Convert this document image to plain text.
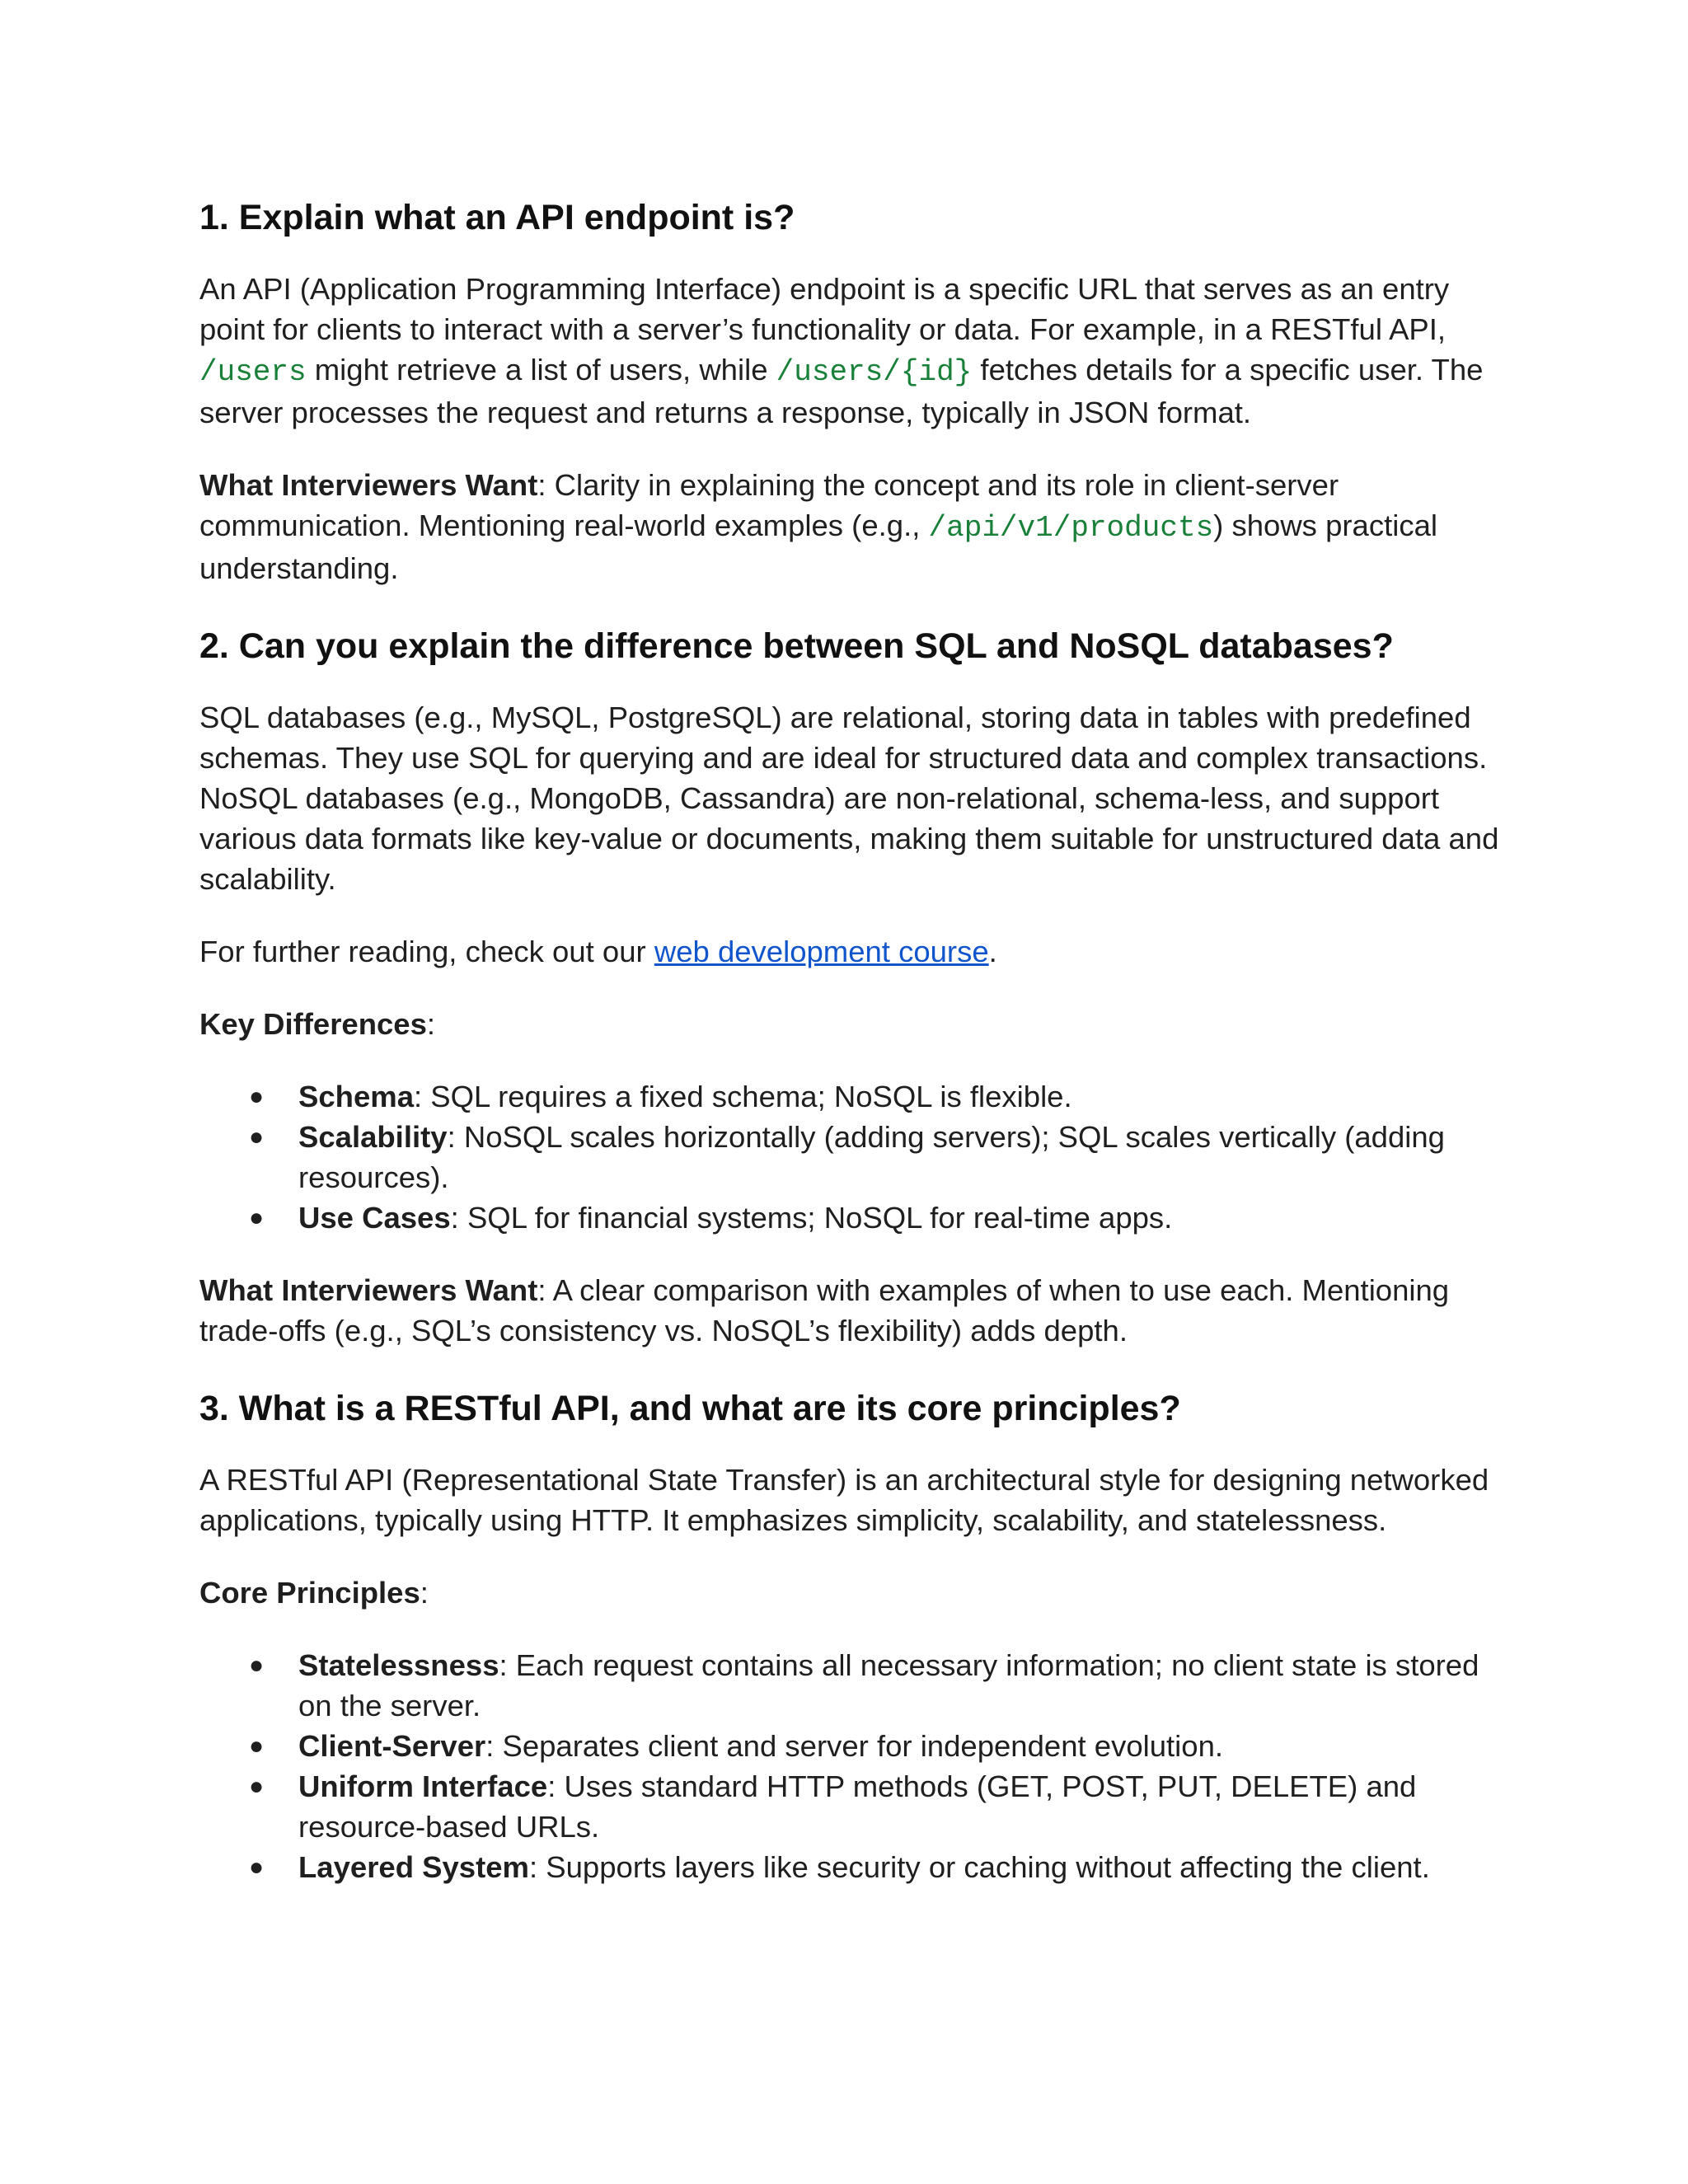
1. Explain what an API endpoint is?

An API (Application Programming Interface) endpoint is a specific URL that serves as an entry point for clients to interact with a server’s functionality or data. For example, in a RESTful API, /users might retrieve a list of users, while /users/{id} fetches details for a specific user. The server processes the request and returns a response, typically in JSON format.

What Interviewers Want: Clarity in explaining the concept and its role in client-server communication. Mentioning real-world examples (e.g., /api/v1/products) shows practical understanding.

2. Can you explain the difference between SQL and NoSQL databases?

SQL databases (e.g., MySQL, PostgreSQL) are relational, storing data in tables with predefined schemas. They use SQL for querying and are ideal for structured data and complex transactions. NoSQL databases (e.g., MongoDB, Cassandra) are non-relational, schema-less, and support various data formats like key-value or documents, making them suitable for unstructured data and scalability.

For further reading, check out our web development course.

Key Differences:

● Schema: SQL requires a fixed schema; NoSQL is flexible.
● Scalability: NoSQL scales horizontally (adding servers); SQL scales vertically (adding resources).
● Use Cases: SQL for financial systems; NoSQL for real-time apps.

What Interviewers Want: A clear comparison with examples of when to use each. Mentioning trade-offs (e.g., SQL’s consistency vs. NoSQL’s flexibility) adds depth.

3. What is a RESTful API, and what are its core principles?

A RESTful API (Representational State Transfer) is an architectural style for designing networked applications, typically using HTTP. It emphasizes simplicity, scalability, and statelessness.

Core Principles:

● Statelessness: Each request contains all necessary information; no client state is stored on the server.
● Client-Server: Separates client and server for independent evolution.
● Uniform Interface: Uses standard HTTP methods (GET, POST, PUT, DELETE) and resource-based URLs.
● Layered System: Supports layers like security or caching without affecting the client.
